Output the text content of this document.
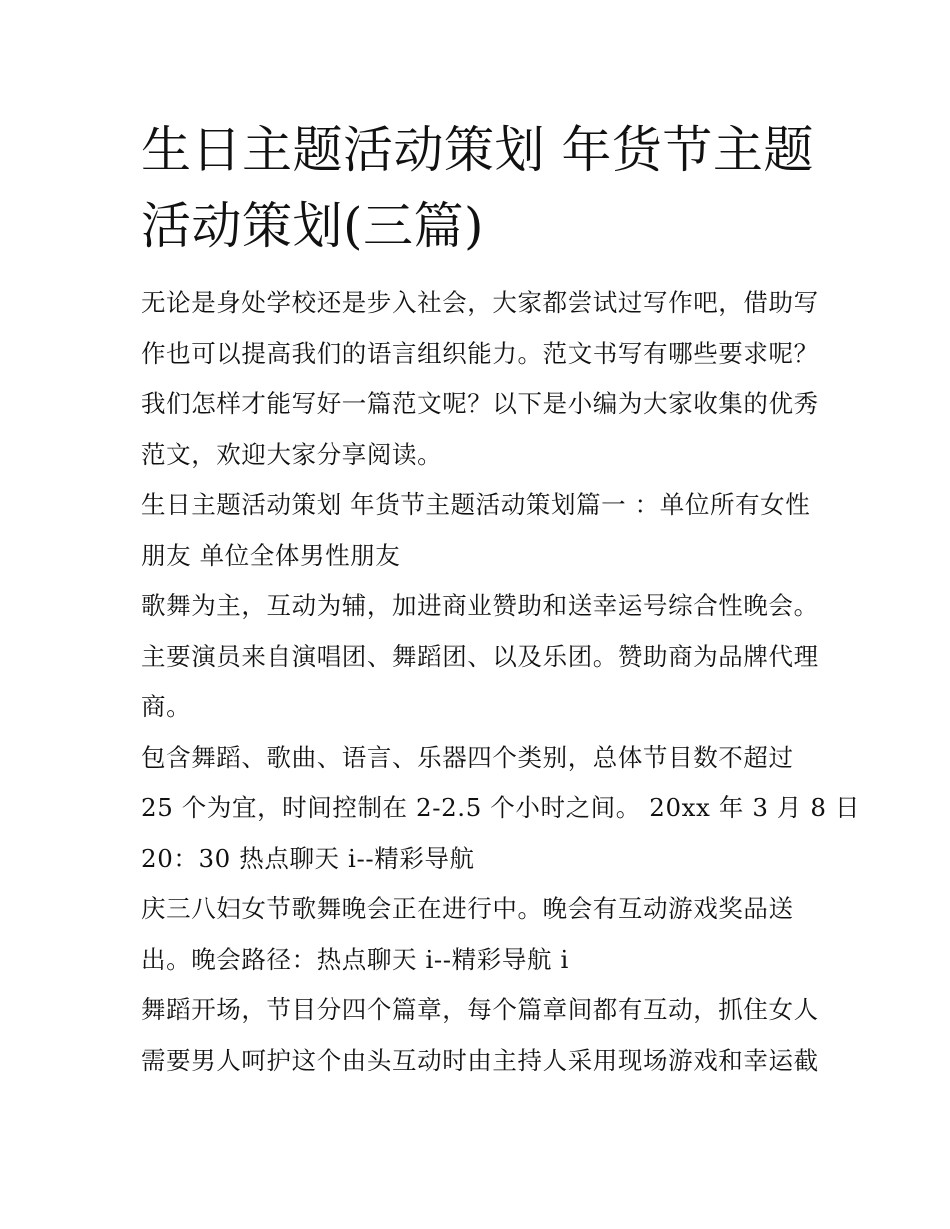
生日主题活动策划 年货节主题
活动策划(三篇)

无论是身处学校还是步入社会，大家都尝试过写作吧，借助写
作也可以提高我们的语言组织能力。范文书写有哪些要求呢？
我们怎样才能写好一篇范文呢？以下是小编为大家收集的优秀
范文，欢迎大家分享阅读。

生日主题活动策划 年货节主题活动策划篇一 ：单位所有女性
朋友 单位全体男性朋友

歌舞为主，互动为辅，加进商业赞助和送幸运号综合性晚会。
主要演员来自演唱团、舞蹈团、以及乐团。赞助商为品牌代理
商。

包含舞蹈、歌曲、语言、乐器四个类别，总体节目数不超过
25 个为宜，时间控制在 2-2.5 个小时之间。 20xx 年 3 月 8 日
20：30 热点聊天 i--精彩导航

庆三八妇女节歌舞晚会正在进行中。晚会有互动游戏奖品送
出。晚会路径：热点聊天 i--精彩导航 i

舞蹈开场，节目分四个篇章，每个篇章间都有互动，抓住女人
需要男人呵护这个由头互动时由主持人采用现场游戏和幸运截
